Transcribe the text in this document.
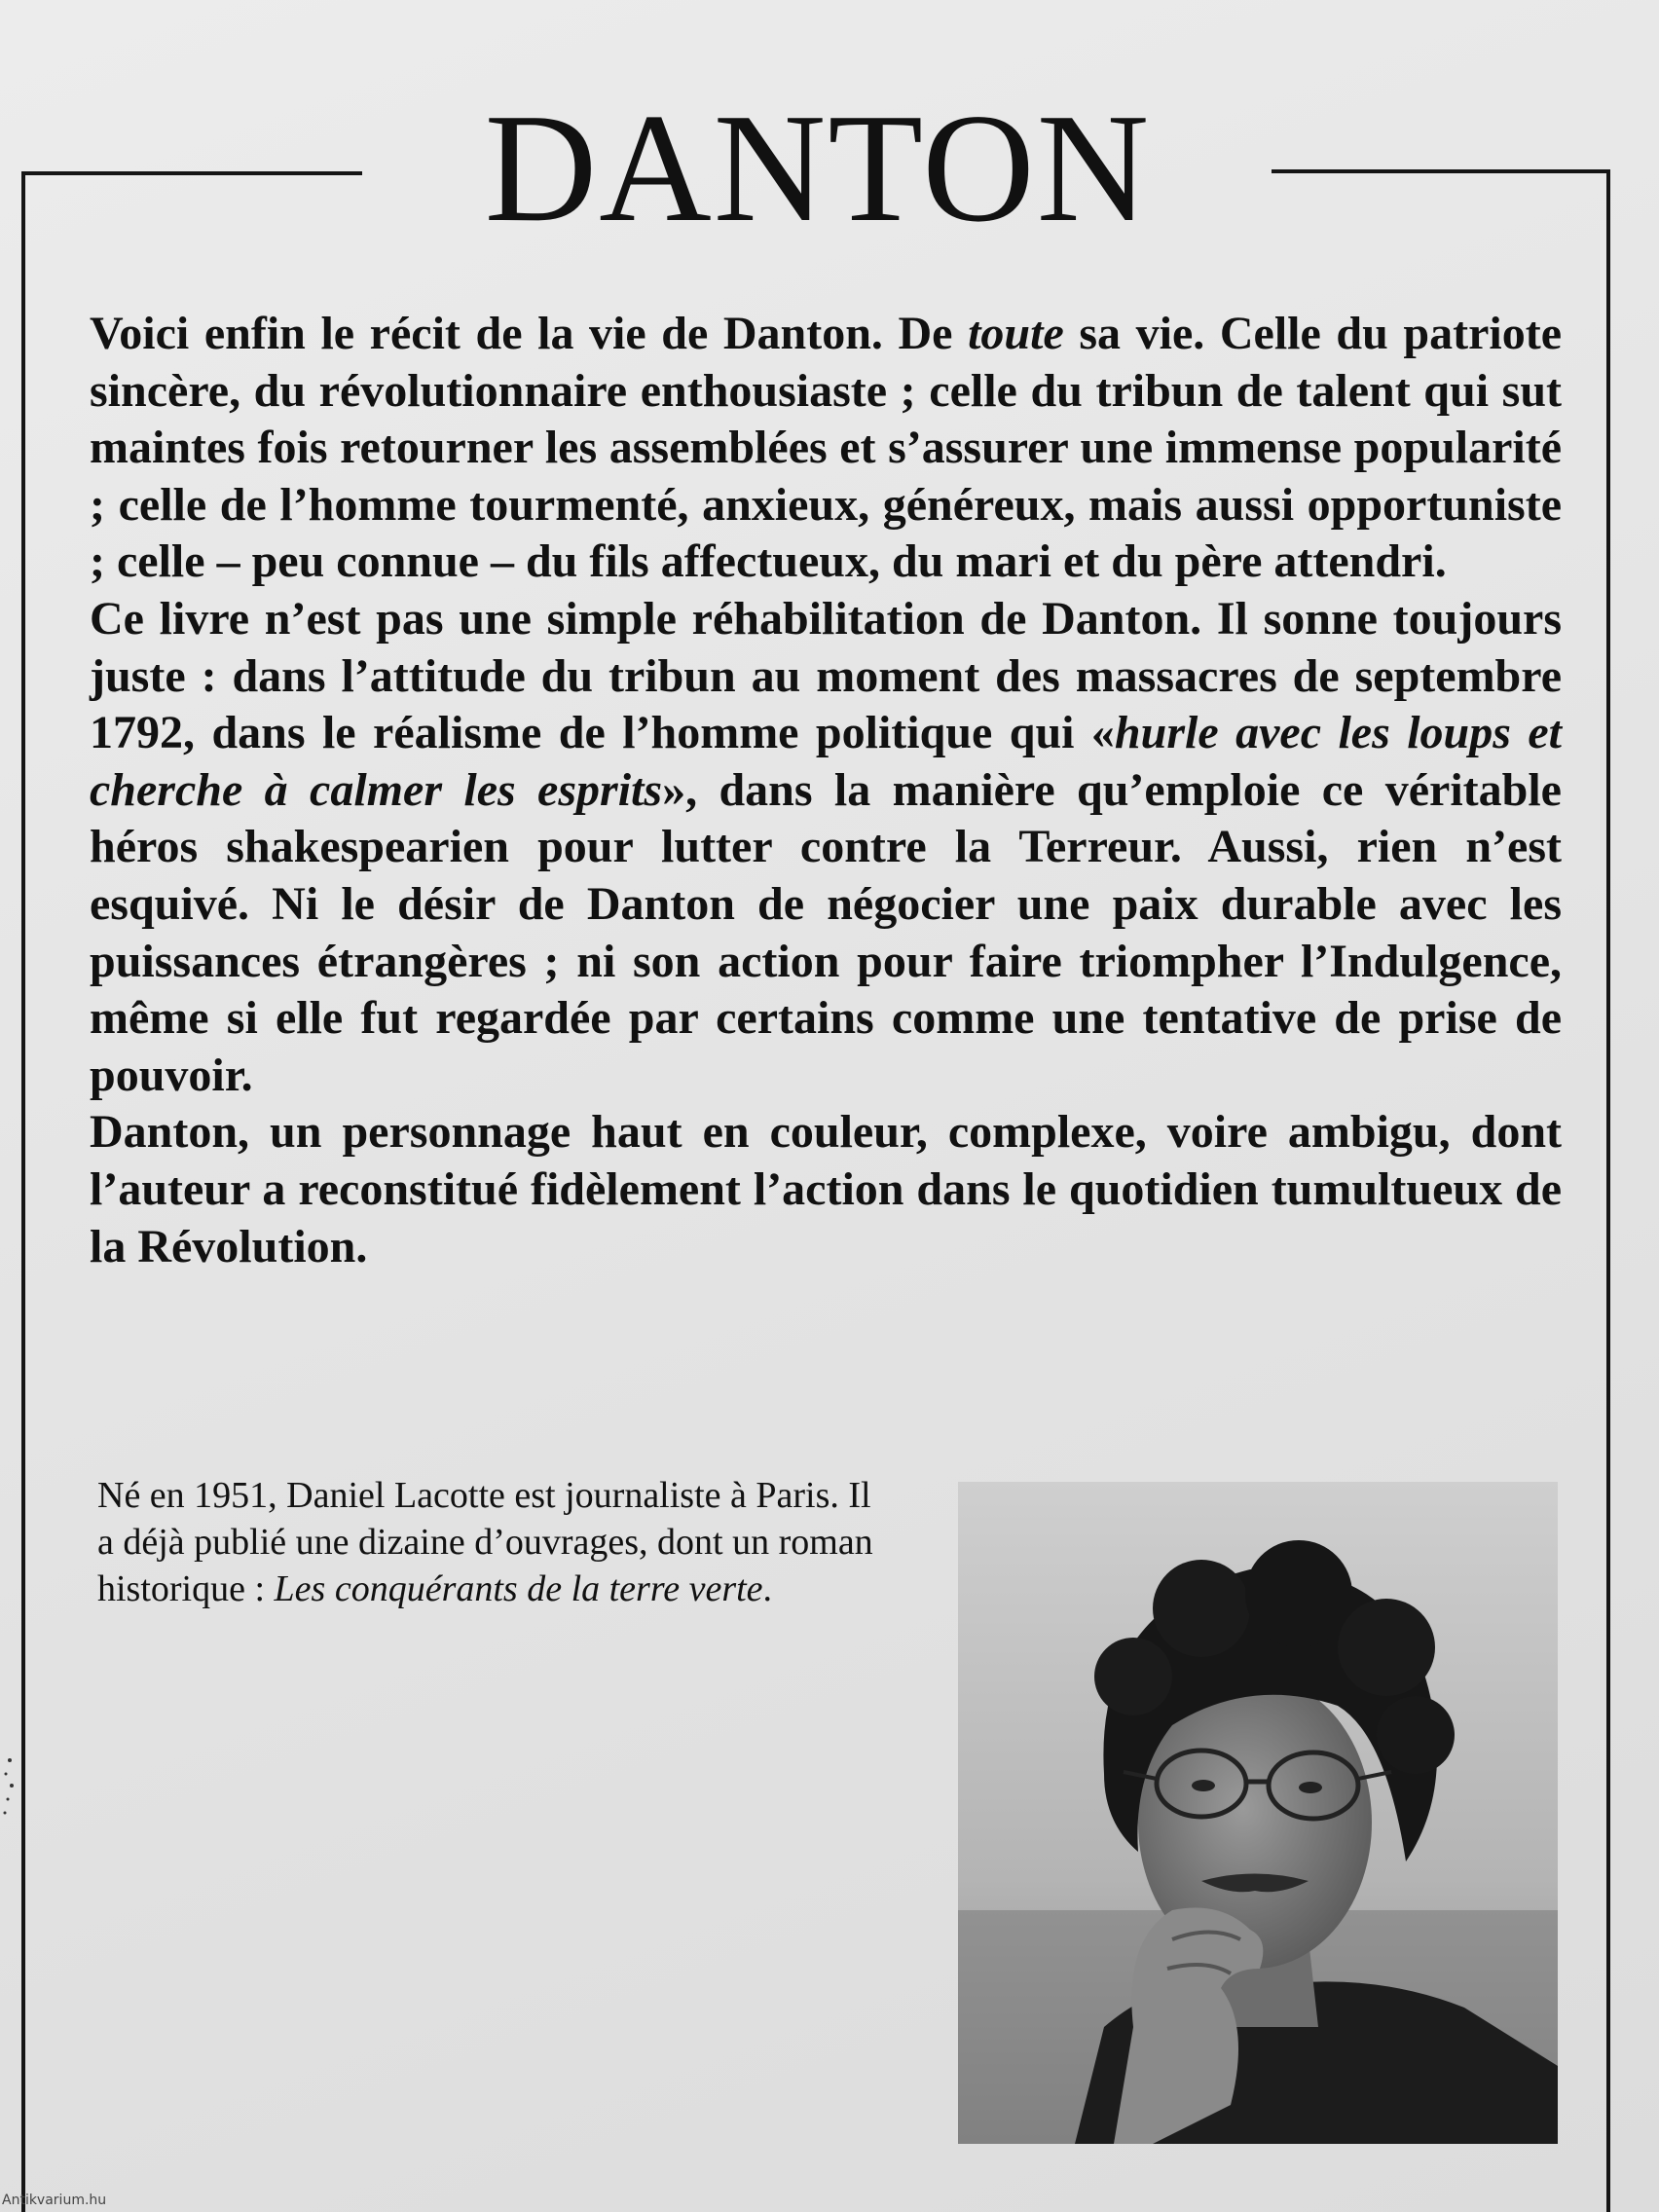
DANTON

Voici enfin le récit de la vie de Danton. De toute sa vie. Celle du patriote sincère, du révolutionnaire enthousiaste ; celle du tribun de talent qui sut maintes fois retourner les assemblées et s’assurer une immense popularité ; celle de l’homme tourmenté, anxieux, généreux, mais aussi opportuniste ; celle – peu connue – du fils affectueux, du mari et du père attendri.

Ce livre n’est pas une simple réhabilitation de Danton. Il sonne toujours juste : dans l’attitude du tribun au moment des massacres de septembre 1792, dans le réalisme de l’homme politique qui «hurle avec les loups et cherche à calmer les esprits», dans la manière qu’emploie ce véritable héros shakespearien pour lutter contre la Terreur. Aussi, rien n’est esquivé. Ni le désir de Danton de négocier une paix durable avec les puissances étrangères ; ni son action pour faire triompher l’Indulgence, même si elle fut regardée par certains comme une tentative de prise de pouvoir.

Danton, un personnage haut en couleur, complexe, voire ambigu, dont l’auteur a reconstitué fidèlement l’action dans le quotidien tumultueux de la Révolution.

Né en 1951, Daniel Lacotte est journaliste à Paris. Il a déjà publié une dizaine d’ouvrages, dont un roman historique : Les conquérants de la terre verte.

Antikvarium.hu
